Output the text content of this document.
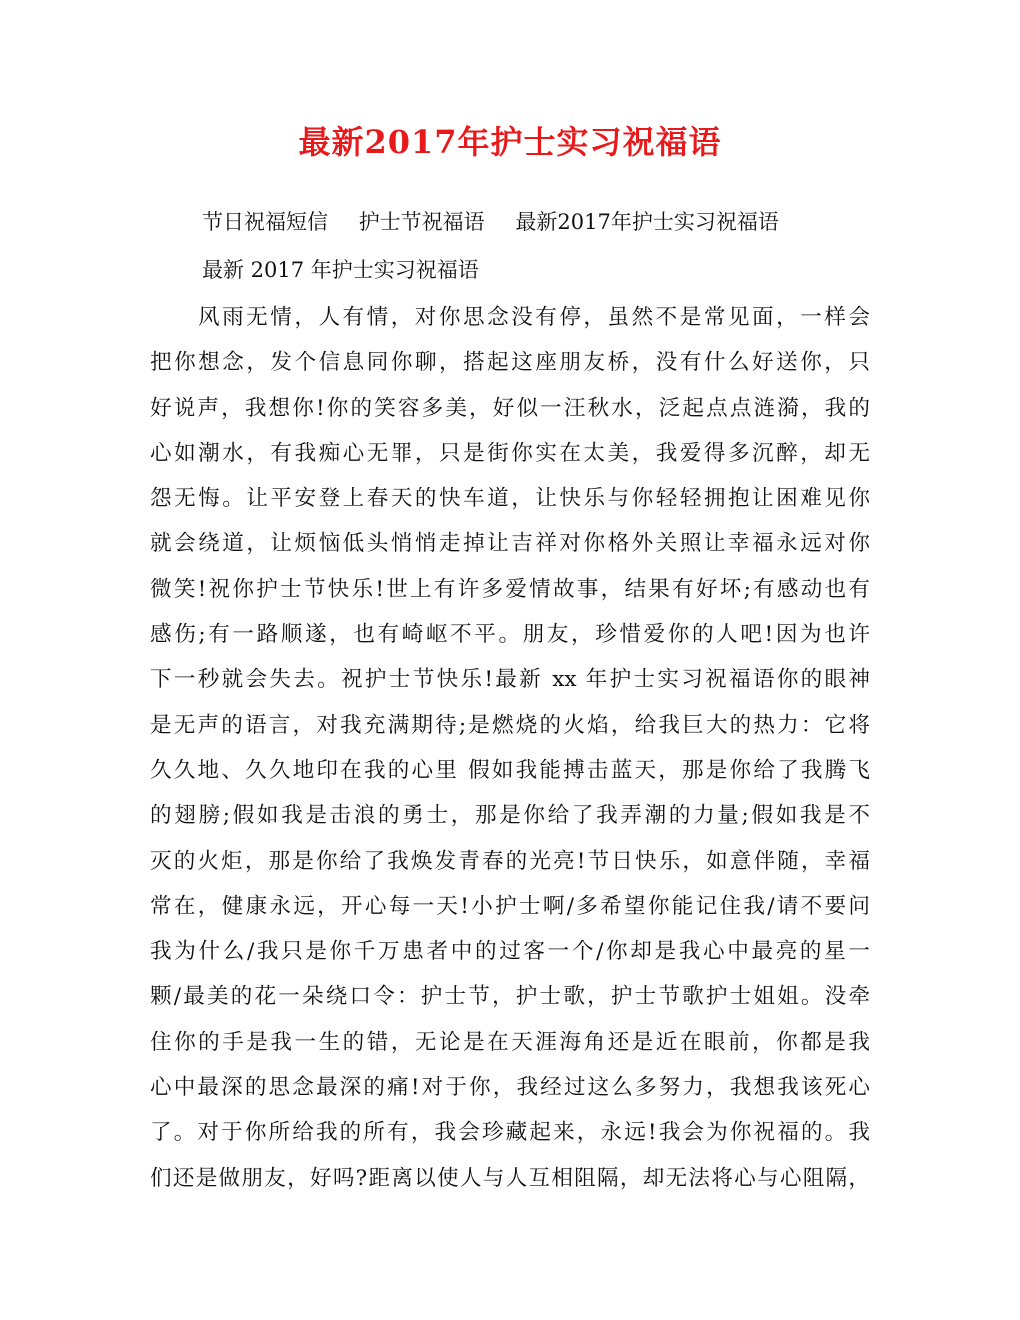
最新2017年护士实习祝福语
节日祝福短信 护士节祝福语 最新2017年护士实习祝福语
最新 2017 年护士实习祝福语
风雨无情，人有情，对你思念没有停，虽然不是常见面，一样会
把你想念，发个信息同你聊，搭起这座朋友桥，没有什么好送你，只
好说声，我想你!你的笑容多美，好似一汪秋水，泛起点点涟漪，我的
心如潮水，有我痴心无罪，只是街你实在太美，我爱得多沉醉，却无
怨无悔。让平安登上春天的快车道，让快乐与你轻轻拥抱让困难见你
就会绕道，让烦恼低头悄悄走掉让吉祥对你格外关照让幸福永远对你
微笑!祝你护士节快乐!世上有许多爱情故事，结果有好坏;有感动也有
感伤;有一路顺遂，也有崎岖不平。朋友，珍惜爱你的人吧!因为也许
下一秒就会失去。祝护士节快乐!最新 xx 年护士实习祝福语你的眼神
是无声的语言，对我充满期待;是燃烧的火焰，给我巨大的热力：它将
久久地、久久地印在我的心里 假如我能搏击蓝天，那是你给了我腾飞
的翅膀;假如我是击浪的勇士，那是你给了我弄潮的力量;假如我是不
灭的火炬，那是你给了我焕发青春的光亮!节日快乐，如意伴随，幸福
常在，健康永远，开心每一天!小护士啊/多希望你能记住我/请不要问
我为什么/我只是你千万患者中的过客一个/你却是我心中最亮的星一
颗/最美的花一朵绕口令：护士节，护士歌，护士节歌护士姐姐。没牵
住你的手是我一生的错，无论是在天涯海角还是近在眼前，你都是我
心中最深的思念最深的痛!对于你，我经过这么多努力，我想我该死心
了。对于你所给我的所有，我会珍藏起来，永远!我会为你祝福的。我
们还是做朋友，好吗?距离以使人与人互相阻隔，却无法将心与心阻隔，
